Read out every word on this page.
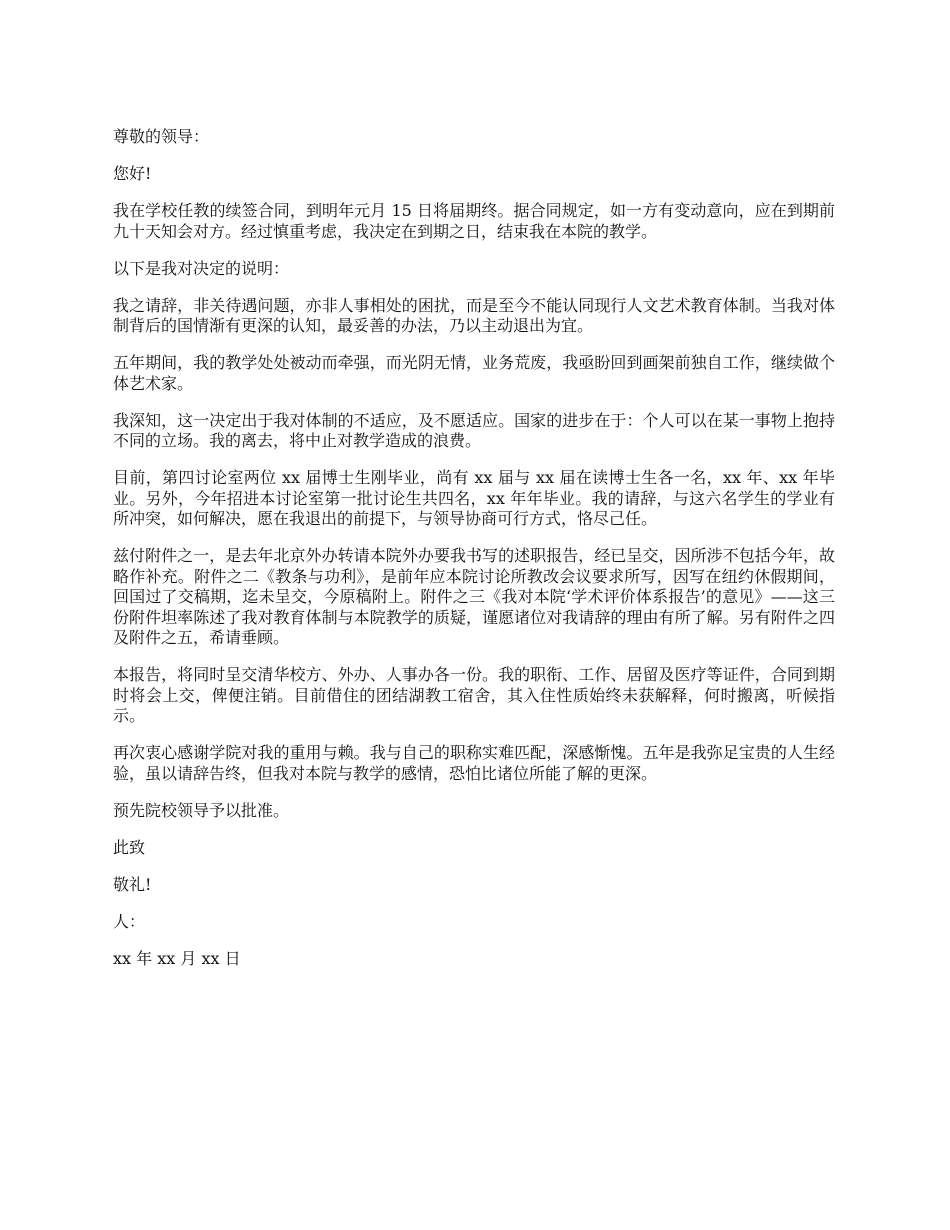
尊敬的领导：

您好!

我在学校任教的续签合同，到明年元月 15 日将届期终。据合同规定，如一方有变动意向，应在到期前九十天知会对方。经过慎重考虑，我决定在到期之日，结束我在本院的教学。

以下是我对决定的说明：

我之请辞，非关待遇问题，亦非人事相处的困扰，而是至今不能认同现行人文艺术教育体制。当我对体制背后的国情渐有更深的认知，最妥善的办法，乃以主动退出为宜。

五年期间，我的教学处处被动而牵强，而光阴无情，业务荒废，我亟盼回到画架前独自工作，继续做个体艺术家。

我深知，这一决定出于我对体制的不适应，及不愿适应。国家的进步在于：个人可以在某一事物上抱持不同的立场。我的离去，将中止对教学造成的浪费。

目前，第四讨论室两位 xx 届博士生刚毕业，尚有 xx 届与 xx 届在读博士生各一名，xx 年、xx 年毕业。另外，今年招进本讨论室第一批讨论生共四名，xx 年年毕业。我的请辞，与这六名学生的学业有所冲突，如何解决，愿在我退出的前提下，与领导协商可行方式，恪尽己任。

兹付附件之一，是去年北京外办转请本院外办要我书写的述职报告，经已呈交，因所涉不包括今年，故略作补充。附件之二《教条与功利》，是前年应本院讨论所教改会议要求所写，因写在纽约休假期间，回国过了交稿期，迄未呈交，今原稿附上。附件之三《我对本院‘学术评价体系报告’的意见》——这三份附件坦率陈述了我对教育体制与本院教学的质疑，谨愿诸位对我请辞的理由有所了解。另有附件之四及附件之五，希请垂顾。

本报告，将同时呈交清华校方、外办、人事办各一份。我的职衔、工作、居留及医疗等证件，合同到期时将会上交，俾便注销。目前借住的团结湖教工宿舍，其入住性质始终未获解释，何时搬离，听候指示。

再次衷心感谢学院对我的重用与赖。我与自己的职称实难匹配，深感惭愧。五年是我弥足宝贵的人生经验，虽以请辞告终，但我对本院与教学的感情，恐怕比诸位所能了解的更深。

预先院校领导予以批准。

此致

敬礼!

人：

xx 年 xx 月 xx 日
